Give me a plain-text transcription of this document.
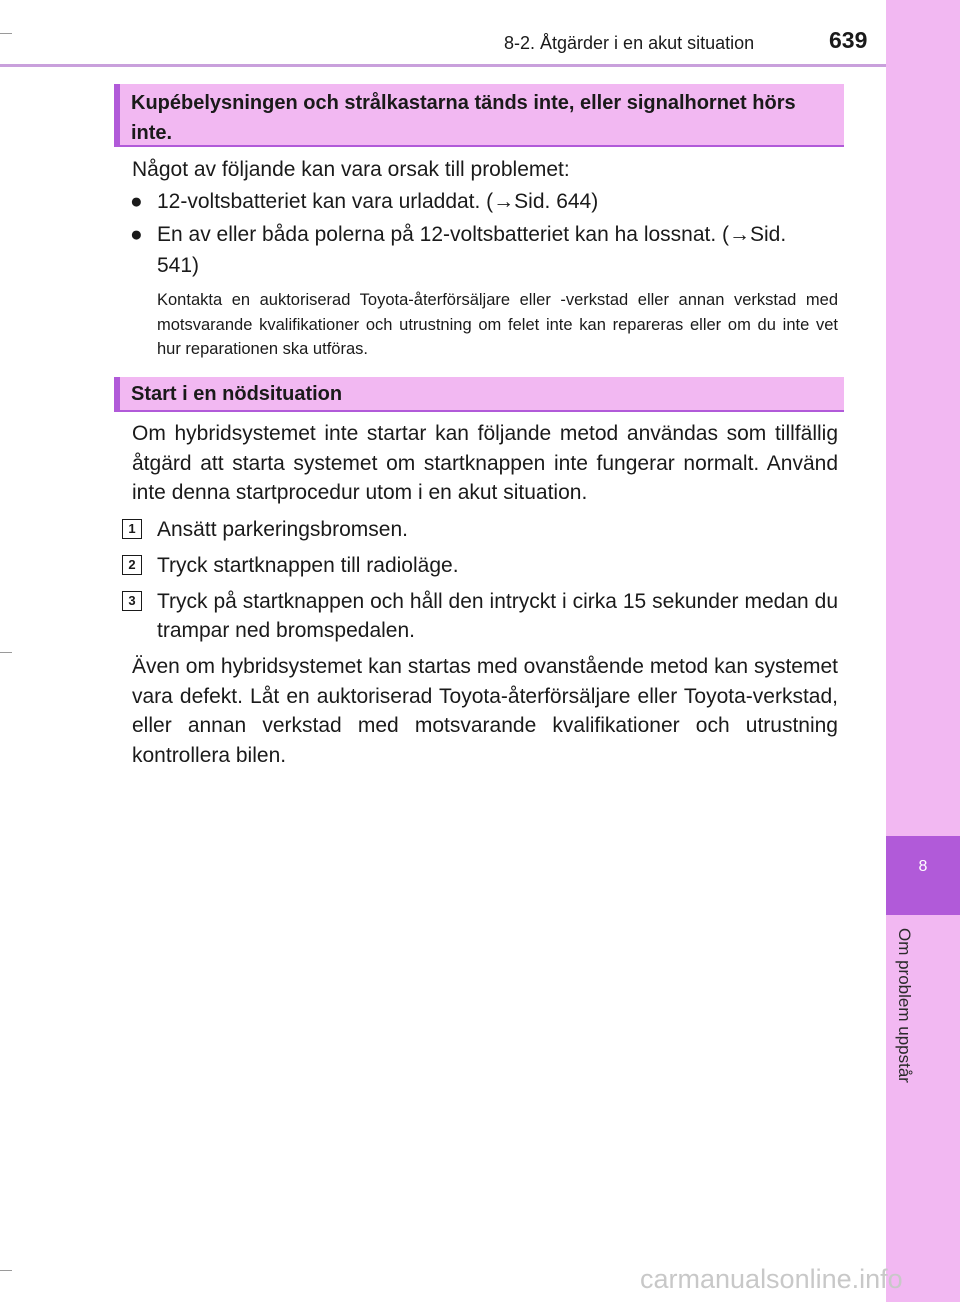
8-2. Åtgärder i en akut situation	639
8
Om problem uppstår
Kupébelysningen och strålkastarna tänds inte, eller signalhornet hörs inte.
Något av följande kan vara orsak till problemet:
● 12-voltsbatteriet kan vara urladdat. (→Sid. 644)
● En av eller båda polerna på 12-voltsbatteriet kan ha lossnat. (→Sid. 541)
Kontakta en auktoriserad Toyota-återförsäljare eller -verkstad eller annan verkstad med motsvarande kvalifikationer och utrustning om felet inte kan repareras eller om du inte vet hur reparationen ska utföras.
Start i en nödsituation
Om hybridsystemet inte startar kan följande metod användas som tillfällig åtgärd att starta systemet om startknappen inte fungerar normalt. Använd inte denna startprocedur utom i en akut situation.
1	Ansätt parkeringsbromsen.
2	Tryck startknappen till radioläge.
3	Tryck på startknappen och håll den intryckt i cirka 15 sekunder medan du trampar ned bromspedalen.
Även om hybridsystemet kan startas med ovanstående metod kan systemet vara defekt. Låt en auktoriserad Toyota-återförsäljare eller Toyota-verkstad, eller annan verkstad med motsvarande kvalifikationer och utrustning kontrollera bilen.
carmanualsonline.info
